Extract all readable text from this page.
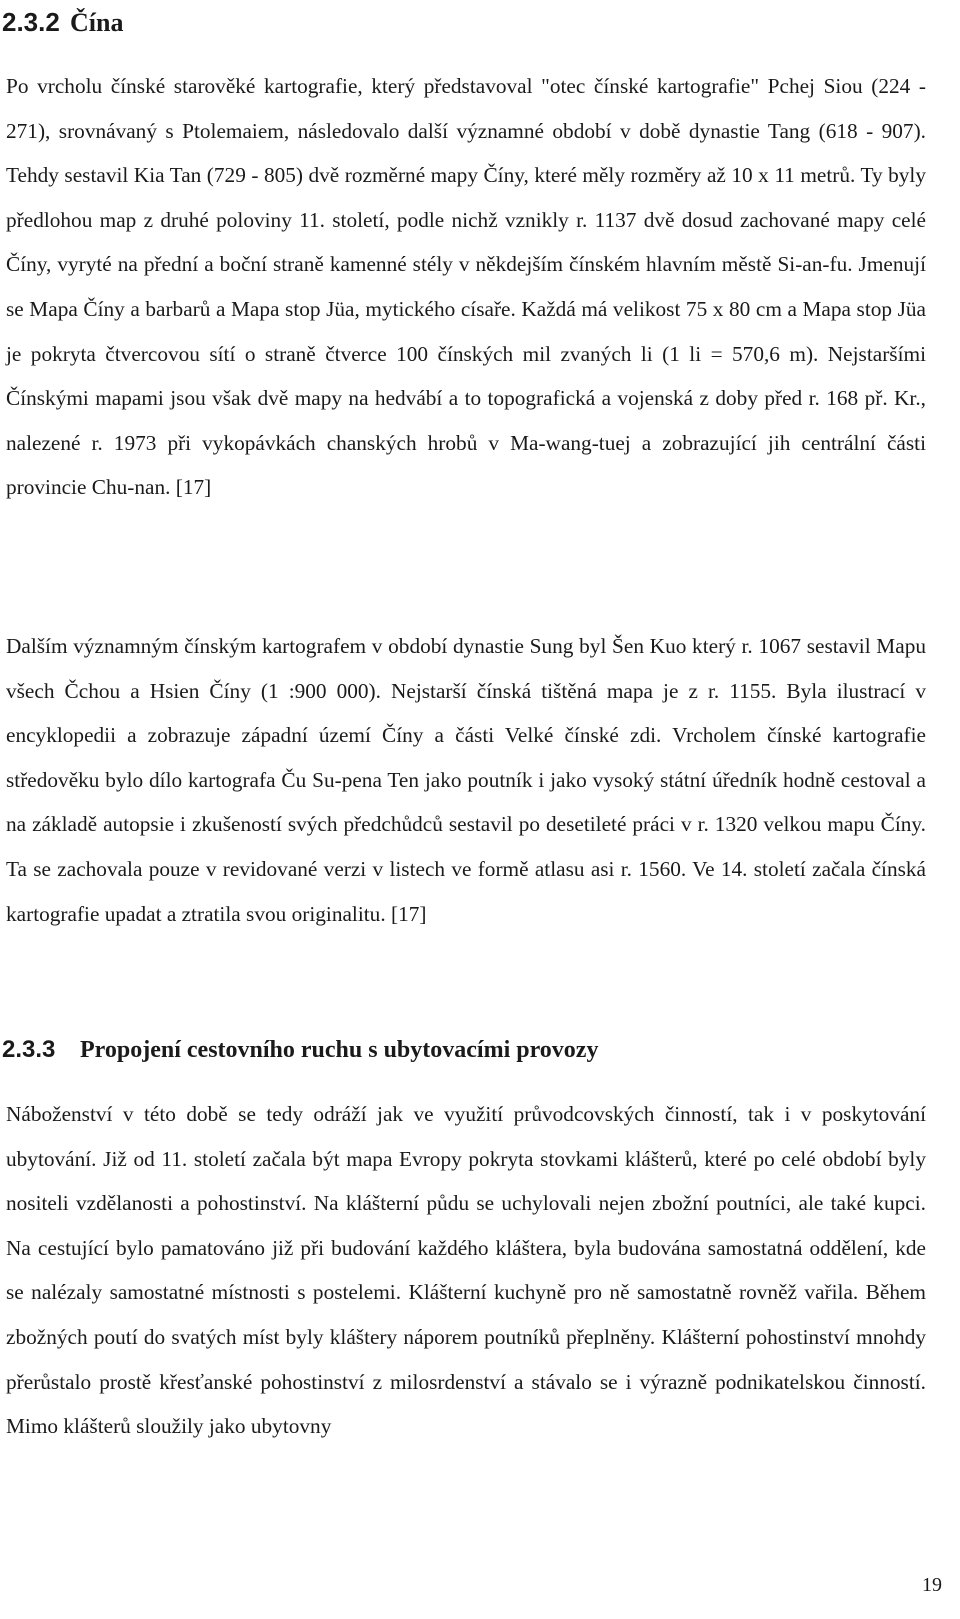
2.3.2 Čína

Po vrcholu čínské starověké kartografie, který představoval "otec čínské kartografie" Pchej Siou (224 - 271), srovnávaný s Ptolemaiem, následovalo další významné období v době dynastie Tang (618 - 907). Tehdy sestavil Kia Tan (729 - 805) dvě rozměrné mapy Číny, které měly rozměry až 10 x 11 metrů. Ty byly předlohou map z druhé poloviny 11. století, podle nichž vznikly r. 1137 dvě dosud zachované mapy celé Číny, vyryté na přední a boční straně kamenné stély v někdejším čínském hlavním městě Si-an-fu. Jmenují se Mapa Číny a barbarů a Mapa stop Jüa, mytického císaře. Každá má velikost 75 x 80 cm a Mapa stop Jüa je pokryta čtvercovou sítí o straně čtverce 100 čínských mil zvaných li (1 li = 570,6 m). Nejstaršími Čínskými mapami jsou však dvě mapy na hedvábí a to topografická a vojenská z doby před r. 168 př. Kr., nalezené r. 1973 při vykopávkách chanských hrobů v Ma-wang-tuej a zobrazující jih centrální části provincie Chu-nan. [17]

Dalším významným čínským kartografem v období dynastie Sung byl Šen Kuo který r. 1067 sestavil Mapu všech Čchou a Hsien Číny (1 :900 000). Nejstarší čínská tištěná mapa je z r. 1155. Byla ilustrací v encyklopedii a zobrazuje západní území Číny a části Velké čínské zdi. Vrcholem čínské kartografie středověku bylo dílo kartografa Ču Su-pena Ten jako poutník i jako vysoký státní úředník hodně cestoval a na základě autopsie i zkušeností svých předchůdců sestavil po desetileté práci v r. 1320 velkou mapu Číny. Ta se zachovala pouze v revidované verzi v listech ve formě atlasu asi r. 1560. Ve 14. století začala čínská kartografie upadat a ztratila svou originalitu. [17]

2.3.3	Propojení cestovního ruchu s ubytovacími provozy

Náboženství v této době se tedy odráží jak ve využití průvodcovských činností, tak i v poskytování ubytování. Již od 11. století začala být mapa Evropy pokryta stovkami klášterů, které po celé období byly nositeli vzdělanosti a pohostinství. Na klášterní půdu se uchylovali nejen zbožní poutníci, ale také kupci. Na cestující bylo pamatováno již při budování každého kláštera, byla budována samostatná oddělení, kde se nalézaly samostatné místnosti s postelemi. Klášterní kuchyně pro ně samostatně rovněž vařila. Během zbožných poutí do svatých míst byly kláštery náporem poutníků přeplněny. Klášterní pohostinství mnohdy přerůstalo prostě křesťanské pohostinství z milosrdenství a stávalo se i výrazně podnikatelskou činností. Mimo klášterů sloužily jako ubytovny

19
